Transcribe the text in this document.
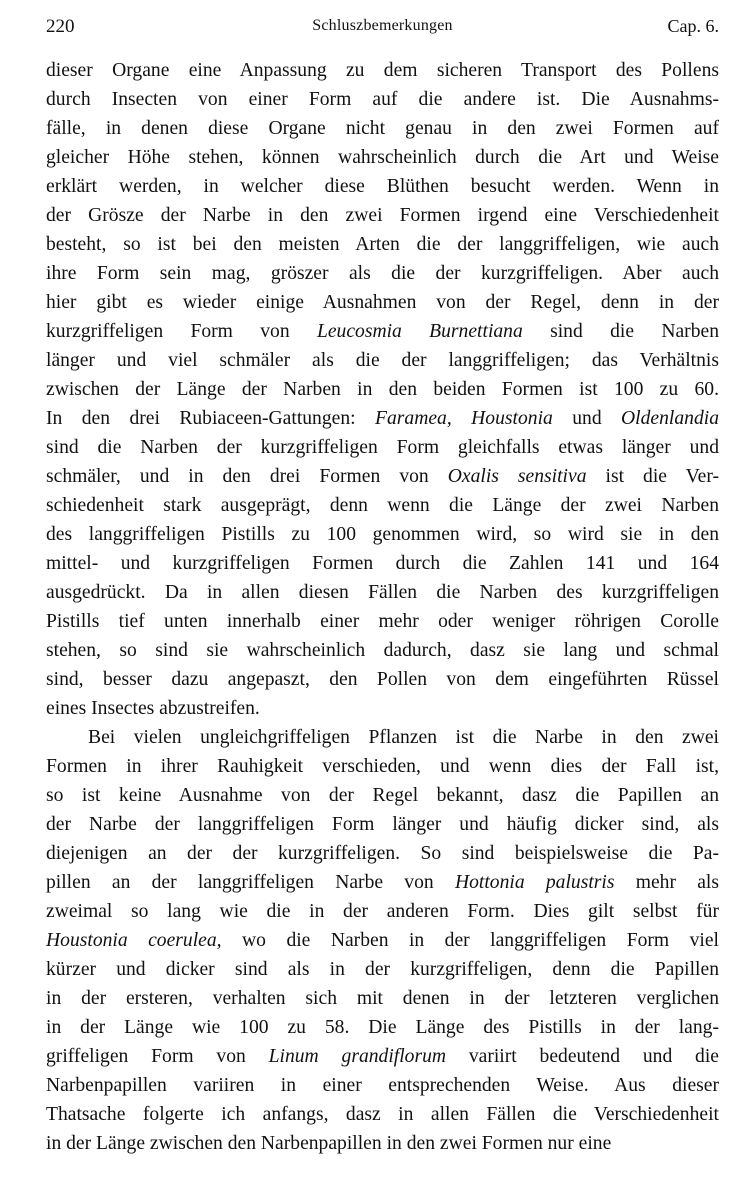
220	Schluszbemerkungen	Cap. 6.
dieser Organe eine Anpassung zu dem sicheren Transport des Pollens
durch Insecten von einer Form auf die andere ist. Die Ausnahms-
fälle, in denen diese Organe nicht genau in den zwei Formen auf
gleicher Höhe stehen, können wahrscheinlich durch die Art und Weise
erklärt werden, in welcher diese Blüthen besucht werden. Wenn in
der Grösze der Narbe in den zwei Formen irgend eine Verschiedenheit
besteht, so ist bei den meisten Arten die der langgriffeligen, wie auch
ihre Form sein mag, gröszer als die der kurzgriffeligen. Aber auch
hier gibt es wieder einige Ausnahmen von der Regel, denn in der
kurzgriffeligen Form von Leucosmia Burnettiana sind die Narben
länger und viel schmäler als die der langgriffeligen; das Verhältnis
zwischen der Länge der Narben in den beiden Formen ist 100 zu 60.
In den drei Rubiaceen-Gattungen: Faramea, Houstonia und Oldenlandia
sind die Narben der kurzgriffeligen Form gleichfalls etwas länger und
schmäler, und in den drei Formen von Oxalis sensitiva ist die Ver-
schiedenheit stark ausgeprägt, denn wenn die Länge der zwei Narben
des langgriffeligen Pistills zu 100 genommen wird, so wird sie in den
mittel- und kurzgriffeligen Formen durch die Zahlen 141 und 164
ausgedrückt. Da in allen diesen Fällen die Narben des kurzgriffeligen
Pistills tief unten innerhalb einer mehr oder weniger röhrigen Corolle
stehen, so sind sie wahrscheinlich dadurch, dasz sie lang und schmal
sind, besser dazu angepaszt, den Pollen von dem eingeführten Rüssel
eines Insectes abzustreifen.
Bei vielen ungleichgriffeligen Pflanzen ist die Narbe in den zwei
Formen in ihrer Rauhigkeit verschieden, und wenn dies der Fall ist,
so ist keine Ausnahme von der Regel bekannt, dasz die Papillen an
der Narbe der langgriffeligen Form länger und häufig dicker sind, als
diejenigen an der der kurzgriffeligen. So sind beispielsweise die Pa-
pillen an der langgriffeligen Narbe von Hottonia palustris mehr als
zweimal so lang wie die in der anderen Form. Dies gilt selbst für
Houstonia coerulea, wo die Narben in der langgriffeligen Form viel
kürzer und dicker sind als in der kurzgriffeligen, denn die Papillen
in der ersteren, verhalten sich mit denen in der letzteren verglichen
in der Länge wie 100 zu 58. Die Länge des Pistills in der lang-
griffeligen Form von Linum grandiflorum variirt bedeutend und die
Narbenpapillen variiren in einer entsprechenden Weise. Aus dieser
Thatsache folgerte ich anfangs, dasz in allen Fällen die Verschiedenheit
in der Länge zwischen den Narbenpapillen in den zwei Formen nur eine
